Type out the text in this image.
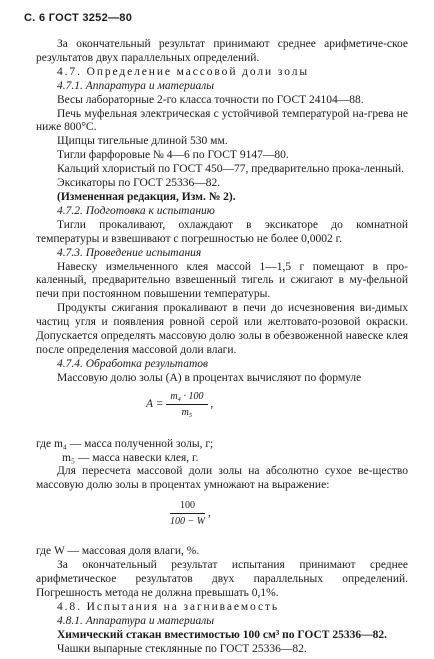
С. 6 ГОСТ 3252—80

За окончательный результат принимают среднее арифметиче-ское результатов двух параллельных определений.

4.7. Определение массовой доли золы

4.7.1. Аппаратура и материалы

Весы лабораторные 2-го класса точности по ГОСТ 24104—88.

Печь муфельная электрическая с устойчивой температурой на-грева не ниже 800°С.

Щипцы тигельные длиной 530 мм.

Тигли фарфоровые № 4—6 по ГОСТ 9147—80.

Кальций хлористый по ГОСТ 450—77, предварительно прока-ленный.

Эксикаторы по ГОСТ 25336—82.

(Измененная редакция, Изм. № 2).

4.7.2. Подготовка к испытанию

Тигли прокаливают, охлаждают в эксикаторе до комнатной температуры и взвешивают с погрешностью не более 0,0002 г.

4.7.3. Проведение испытания

Навеску измельченного клея массой 1—1,5 г помещают в про-каленный, предварительно взвешенный тигель и сжигают в му-фельной печи при постоянном повышении температуры.

Продукты сжигания прокаливают в печи до исчезновения ви-димых частиц угля и появления ровной серой или желтовато-розовой окраски. Допускается определять массовую долю золы в обезвоженной навеске клея после определения массовой доли влаги.

4.7.4. Обработка результатов

Массовую долю золы (A) в процентах вычисляют по формуле

$A = \frac{\text{m₄ · 100}}{\text{m₅}}$ ,

где m₄ — масса полученной золы, г;

m₅ — масса навески клея, г.

Для пересчета массовой доли золы на абсолютно сухое ве-щество массовую долю золы в процентах умножают на выражение:

$\frac{100}{100 - W}$ ,

где W — массовая доля влаги, %.

За окончательный результат испытания принимают среднее арифметическое результатов двух параллельных определений. Погрешность метода не должна превышать 0,1%.

4.8. Испытания на загниваемость

4.8.1. Аппаратура и материалы

Химический стакан вместимостью 100 см³ по ГОСТ 25336—82.

Чашки выпарные стеклянные по ГОСТ 25336—82.
